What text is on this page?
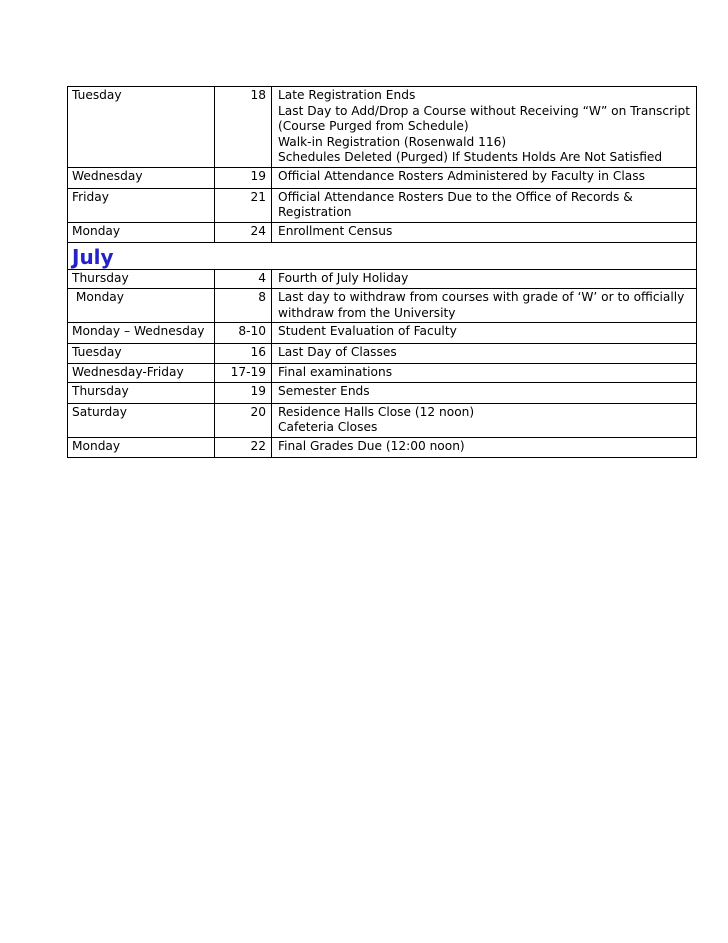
Tuesday	18	Late Registration Ends
Last Day to Add/Drop a Course without Receiving “W” on Transcript
(Course Purged from Schedule)
Walk-in Registration (Rosenwald 116)
Schedules Deleted (Purged) If Students Holds Are Not Satisfied

Wednesday	19	Official Attendance Rosters Administered by Faculty in Class

Friday	21	Official Attendance Rosters Due to the Office of Records & Registration

Monday	24	Enrollment Census

July		

Thursday	4	Fourth of July Holiday

Monday	8	Last day to withdraw from courses with grade of ‘W’ or to officially withdraw from the University

Monday – Wednesday	8-10	Student Evaluation of Faculty

Tuesday	16	Last Day of Classes

Wednesday-Friday	17-19	Final examinations

Thursday	19	Semester Ends

Saturday	20	Residence Halls Close (12 noon)
Cafeteria Closes

Monday	22	Final Grades Due (12:00 noon)
